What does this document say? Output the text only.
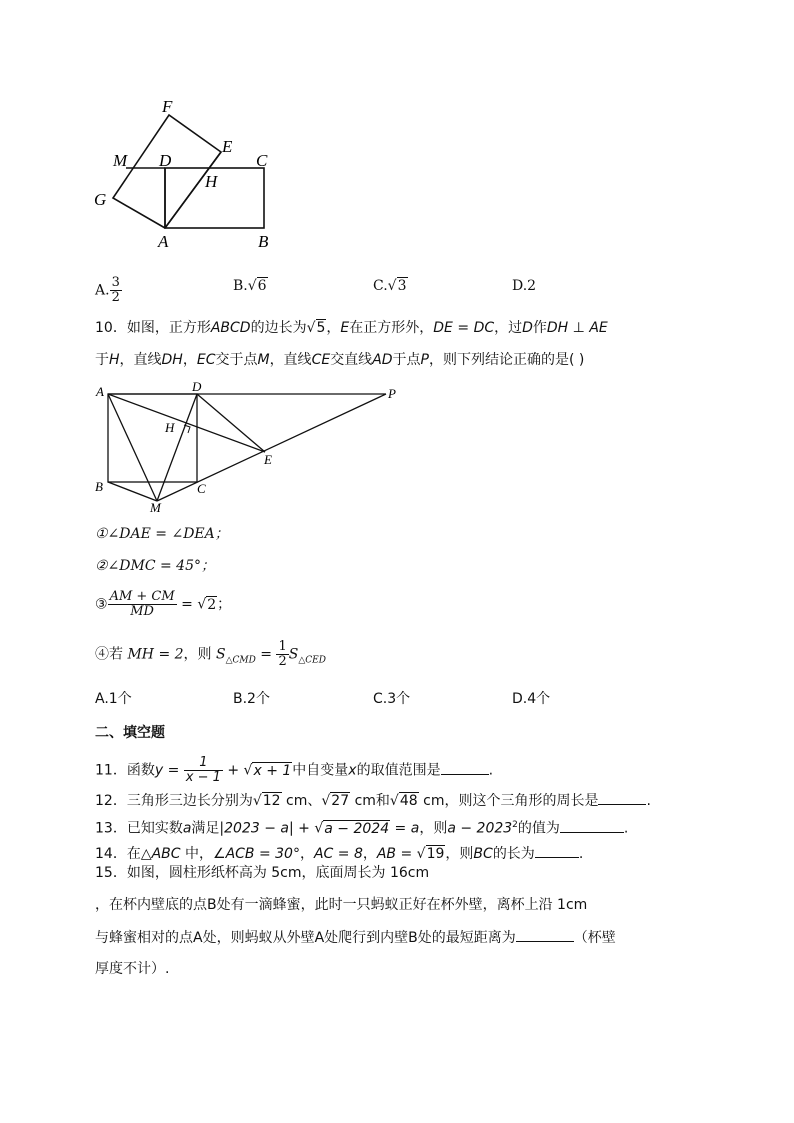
F
M D
E
C
H
G
A	B
A. $\frac{3}{2}$	B.√6	C.√3	D.2
10．如图，正方形ABCD的边长为√5，E在正方形外，DE = DC，过D作DH ⊥ AE
于H，直线DH，EC交于点M，直线CE交直线AD于点P，则下列结论正确的是( )
A	D	P
H
E
B	C
M
①∠DAE = ∠DEA；
②∠DMC = 45°；
③ $\frac{AM + CM}{MD} = √2$；
④若 MH = 2，则 $S_{\triangle CMD} = \frac{1}{2} S_{\triangle CED}$
A.1个	B.2个	C.3个	D.4个
二、填空题
11．函数$y = \frac{1}{x - 1} + √x + 1$中自变量x的取值范围是	.
12．三角形三边长分别为√12 cm、√27 cm和√48 cm，则这个三角形的周长是	.
13．已知实数a满足|2023 − a| + √a − 2024 = a，则$a - 2023^2$的值为	.
14．在△ABC 中，∠ACB = 30°，AC = 8，AB = √19，则BC的长为	.
15．如图，圆柱形纸杯高为 5cm，底面周长为 16cm
，在杯内壁底的点B处有一滴蜂蜜，此时一只蚂蚁正好在杯外壁，离杯上沿 1cm
与蜂蜜相对的点A处，则蚂蚁从外壁A处爬行到内壁B处的最短距离为	（杯壁
厚度不计）.
